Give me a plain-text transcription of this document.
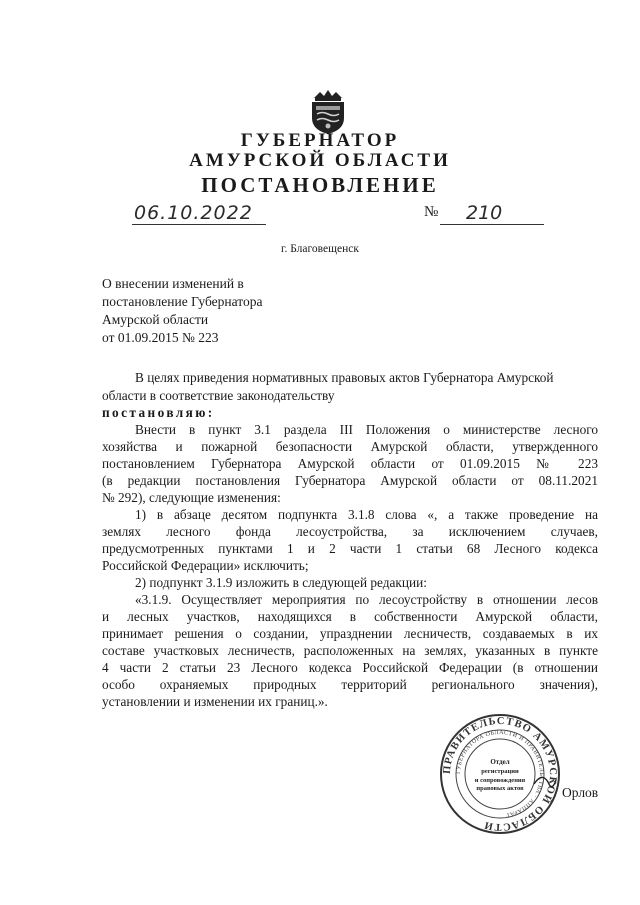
ГУБЕРНАТОР
АМУРСКОЙ ОБЛАСТИ
ПОСТАНОВЛЕНИЕ
06.10.2022	№ 210
г. Благовещенск
О внесении изменений в
постановление Губернатора
Амурской области
от 01.09.2015 № 223
В целях приведения нормативных правовых актов Губернатора Амурской
области в соответствие законодательству
постановляю:
Внести в пункт 3.1 раздела III Положения о министерстве лесного
хозяйства и пожарной безопасности Амурской области, утвержденного
постановлением Губернатора Амурской области от 01.09.2015 № 223
(в редакции постановления Губернатора Амурской области от 08.11.2021
№ 292), следующие изменения:
1) в абзаце десятом подпункта 3.1.8 слова «, а также проведение на
землях лесного фонда лесоустройства, за исключением случаев,
предусмотренных пунктами 1 и 2 части 1 статьи 68 Лесного кодекса
Российской Федерации» исключить;
2) подпункт 3.1.9 изложить в следующей редакции:
«3.1.9. Осуществляет мероприятия по лесоустройству в отношении лесов
и лесных участков, находящихся в собственности Амурской области,
принимает решения о создании, упразднении лесничеств, создаваемых в их
составе участковых лесничеств, расположенных на землях, указанных в пункте
4 части 2 статьи 23 Лесного кодекса Российской Федерации (в отношении
особо охраняемых природных территорий регионального значения),
установлении и изменении их границ.».
ПРАВИТЕЛЬСТВО АМУРСКОЙ ОБЛАСТИ
ГУБЕРНАТОРА ОБЛАСТИ И ПРАВИТЕЛЬСТВА · АППАРАТ
Отдел
регистрации
и сопровождения
правовых актов	Орлов
